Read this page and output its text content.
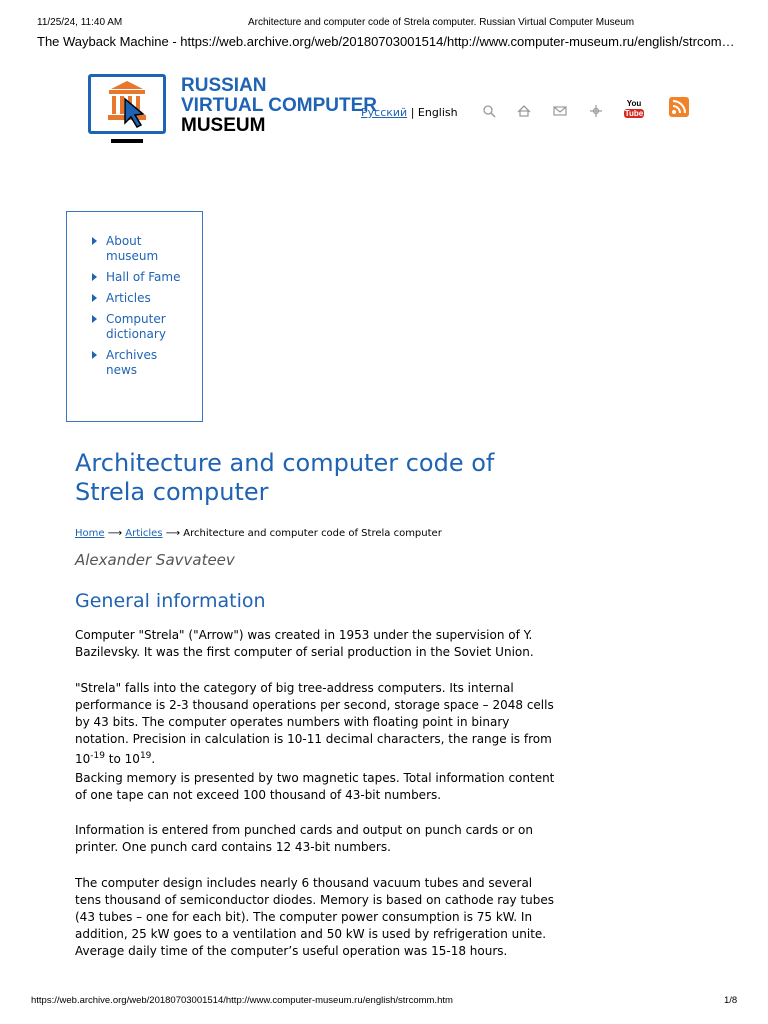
11/25/24, 11:40 AM	Architecture and computer code of Strela computer. Russian Virtual Computer Museum
The Wayback Machine - https://web.archive.org/web/20180703001514/http://www.computer-museum.ru/english/strcom…
RUSSIAN
VIRTUAL COMPUTER
MUSEUM
Русский | English
You
Tube
About museum
Hall of Fame
Articles
Computer dictionary
Archives news
Architecture and computer code of Strela computer
Home ⟶ Articles ⟶ Architecture and computer code of Strela computer
Alexander Savvateev
General information

Computer "Strela" ("Arrow") was created in 1953 under the supervision of Y. Bazilevsky. It was the first computer of serial production in the Soviet Union.

"Strela" falls into the category of big tree-address computers. Its internal performance is 2-3 thousand operations per second, storage space – 2048 cells by 43 bits. The computer operates numbers with floating point in binary notation. Precision in calculation is 10-11 decimal characters, the range is from $10^{-19}$ to $10^{19}$.

Backing memory is presented by two magnetic tapes. Total information content of one tape can not exceed 100 thousand of 43-bit numbers.

Information is entered from punched cards and output on punch cards or on printer. One punch card contains 12 43-bit numbers.

The computer design includes nearly 6 thousand vacuum tubes and several tens thousand of semiconductor diodes. Memory is based on cathode ray tubes (43 tubes – one for each bit). The computer power consumption is 75 kW. In addition, 25 kW goes to a ventilation and 50 kW is used by refrigeration unite. Average daily time of the computer’s useful operation was 15-18 hours.

https://web.archive.org/web/20180703001514/http://www.computer-museum.ru/english/strcomm.htm	1/8
